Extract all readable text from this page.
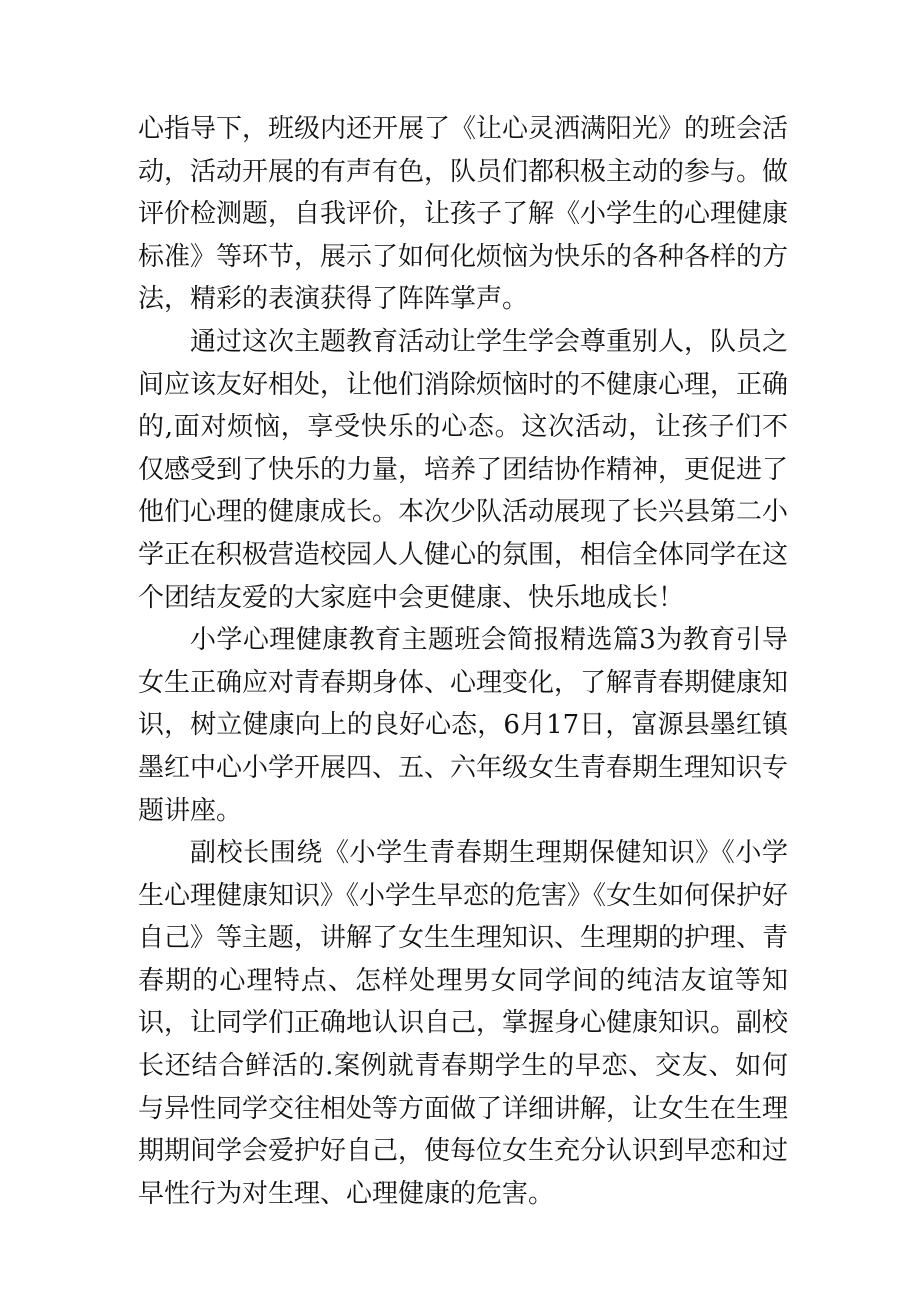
心指导下，班级内还开展了《让心灵洒满阳光》的班会活动，活动开展的有声有色，队员们都积极主动的参与。做评价检测题，自我评价，让孩子了解《小学生的心理健康标准》等环节，展示了如何化烦恼为快乐的各种各样的方法，精彩的表演获得了阵阵掌声。

通过这次主题教育活动让学生学会尊重别人，队员之间应该友好相处，让他们消除烦恼时的不健康心理，正确的,面对烦恼，享受快乐的心态。这次活动，让孩子们不仅感受到了快乐的力量，培养了团结协作精神，更促进了他们心理的健康成长。本次少队活动展现了长兴县第二小学正在积极营造校园人人健心的氛围，相信全体同学在这个团结友爱的大家庭中会更健康、快乐地成长！

小学心理健康教育主题班会简报精选篇3为教育引导女生正确应对青春期身体、心理变化，了解青春期健康知识，树立健康向上的良好心态，6月17日，富源县墨红镇墨红中心小学开展四、五、六年级女生青春期生理知识专题讲座。

副校长围绕《小学生青春期生理期保健知识》《小学生心理健康知识》《小学生早恋的危害》《女生如何保护好自己》等主题，讲解了女生生理知识、生理期的护理、青春期的心理特点、怎样处理男女同学间的纯洁友谊等知识，让同学们正确地认识自己，掌握身心健康知识。副校长还结合鲜活的.案例就青春期学生的早恋、交友、如何与异性同学交往相处等方面做了详细讲解，让女生在生理期期间学会爱护好自己，使每位女生充分认识到早恋和过早性行为对生理、心理健康的危害。
